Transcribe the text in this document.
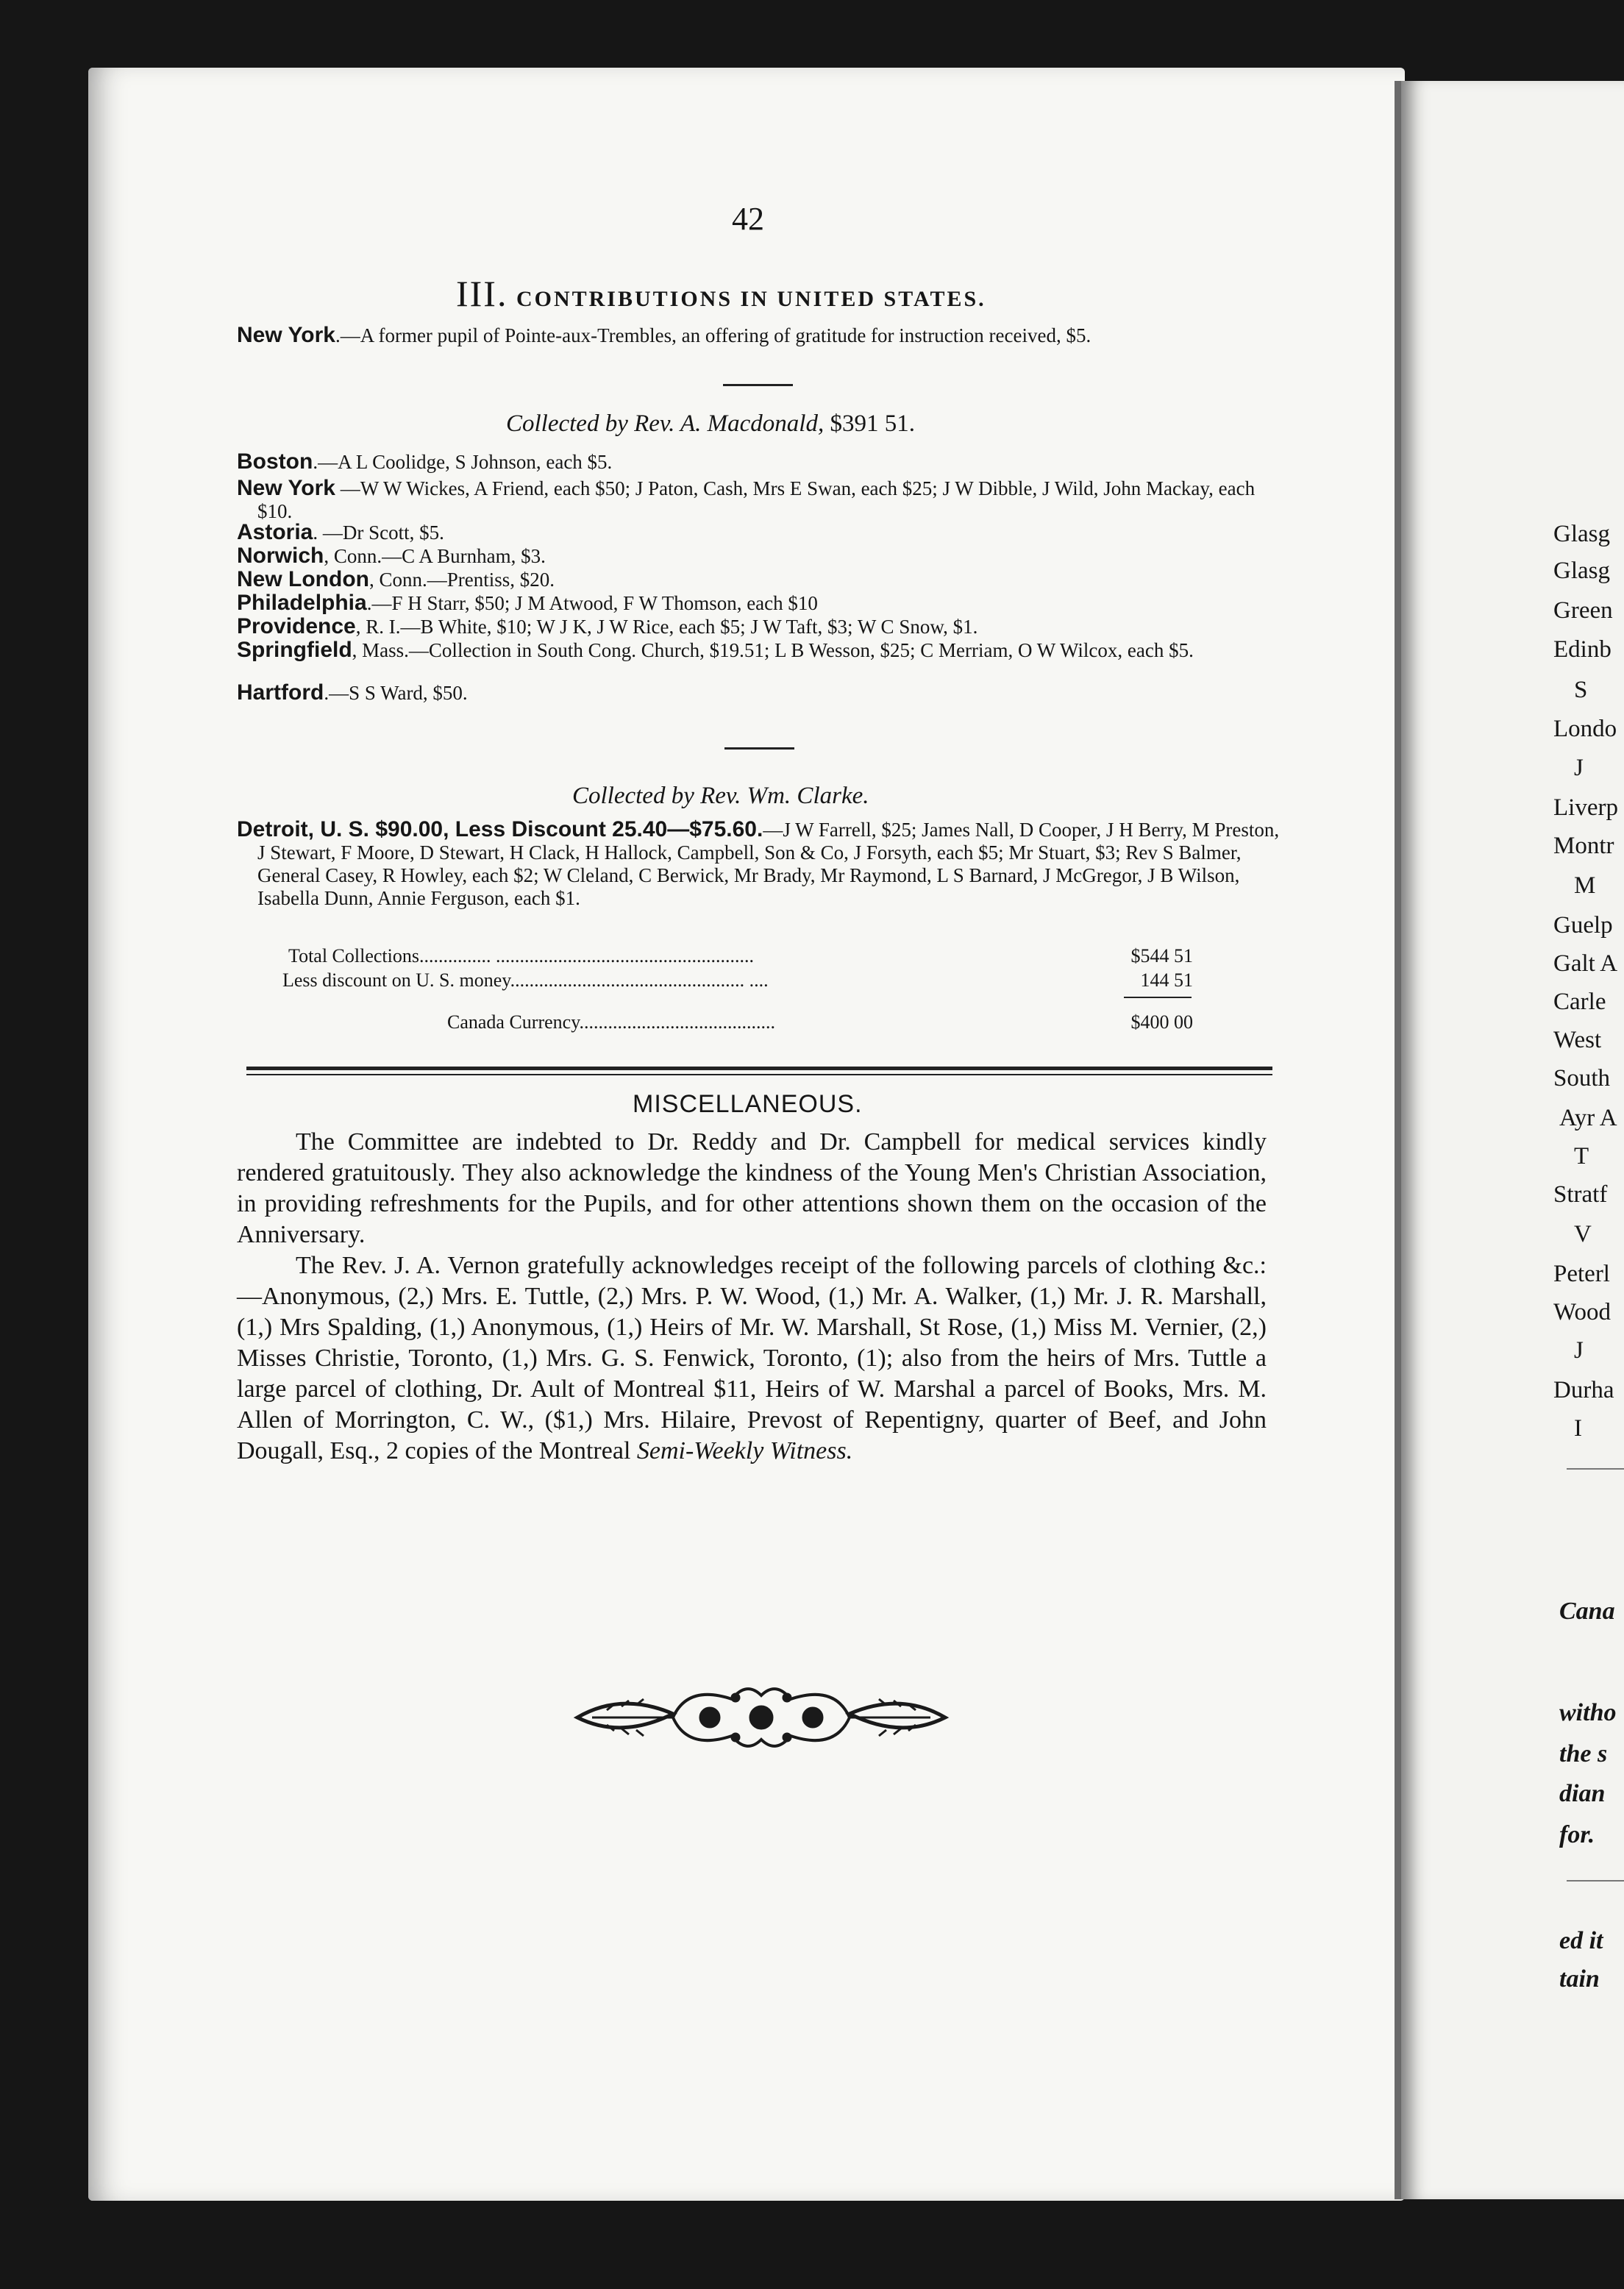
42
III. CONTRIBUTIONS IN UNITED STATES.
New York.—A former pupil of Pointe-aux-Trembles, an offering of gratitude for instruction received, $5.
Collected by Rev. A. Macdonald, $391 51.
Boston.—A L Coolidge, S Johnson, each $5.
New York —W W Wickes, A Friend, each $50; J Paton, Cash, Mrs E Swan, each $25; J W Dibble, J Wild, John Mackay, each $10.
Astoria. —Dr Scott, $5.
Norwich, Conn.—C A Burnham, $3.
New London, Conn.—Prentiss, $20.
Philadelphia.—F H Starr, $50; J M Atwood, F W Thomson, each $10
Providence, R. I.—B White, $10; W J K, J W Rice, each $5; J W Taft, $3; W C Snow, $1.
Springfield, Mass.—Collection in South Cong. Church, $19.51; L B Wesson, $25; C Merriam, O W Wilcox, each $5.
Hartford.—S S Ward, $50.
Collected by Rev. Wm. Clarke.
Detroit, U. S. $90.00, Less Discount 25.40—$75.60.—J W Farrell, $25; James Nall, D Cooper, J H Berry, M Preston, J Stewart, F Moore, D Stewart, H Clack, H Hallock, Campbell, Son & Co, J Forsyth, each $5; Mr Stuart, $3; Rev S Balmer, General Casey, R Howley, each $2; W Cleland, C Berwick, Mr Brady, Mr Raymond, L S Barnard, J McGregor, J B Wilson, Isabella Dunn, Annie Ferguson, each $1.
Total Collections............... ......................................................	$544 51
Less discount on U. S. money................................................. ....	144 51
Canada Currency.........................................	$400 00
MISCELLANEOUS.

The Committee are indebted to Dr. Reddy and Dr. Campbell for medical services kindly rendered gratuitously. They also acknowledge the kindness of the Young Men's Christian Association, in providing refreshments for the Pupils, and for other attentions shown them on the occasion of the Anniversary.

The Rev. J. A. Vernon gratefully acknowledges receipt of the following parcels of clothing &c.:—Anonymous, (2,) Mrs. E. Tuttle, (2,) Mrs. P. W. Wood, (1,) Mr. A. Walker, (1,) Mr. J. R. Marshall, (1,) Mrs Spalding, (1,) Anonymous, (1,) Heirs of Mr. W. Marshall, St Rose, (1,) Miss M. Vernier, (2,) Misses Christie, Toronto, (1,) Mrs. G. S. Fenwick, Toronto, (1); also from the heirs of Mrs. Tuttle a large parcel of clothing, Dr. Ault of Montreal $11, Heirs of W. Marshal a parcel of Books, Mrs. M. Allen of Morrington, C. W., ($1,) Mrs. Hilaire, Prevost of Repentigny, quarter of Beef, and John Dougall, Esq., 2 copies of the Montreal Semi-Weekly Witness.

Glasg
Glasg
Green
Edinb
S
Londo
J
Liverp
Montr
M
Guelp
Galt A
Carle
West
South
Ayr A
T
Stratf
V
Peterl
Wood
J
Durha
I
Cana
witho
the s
dian
for.
ed it
tain
